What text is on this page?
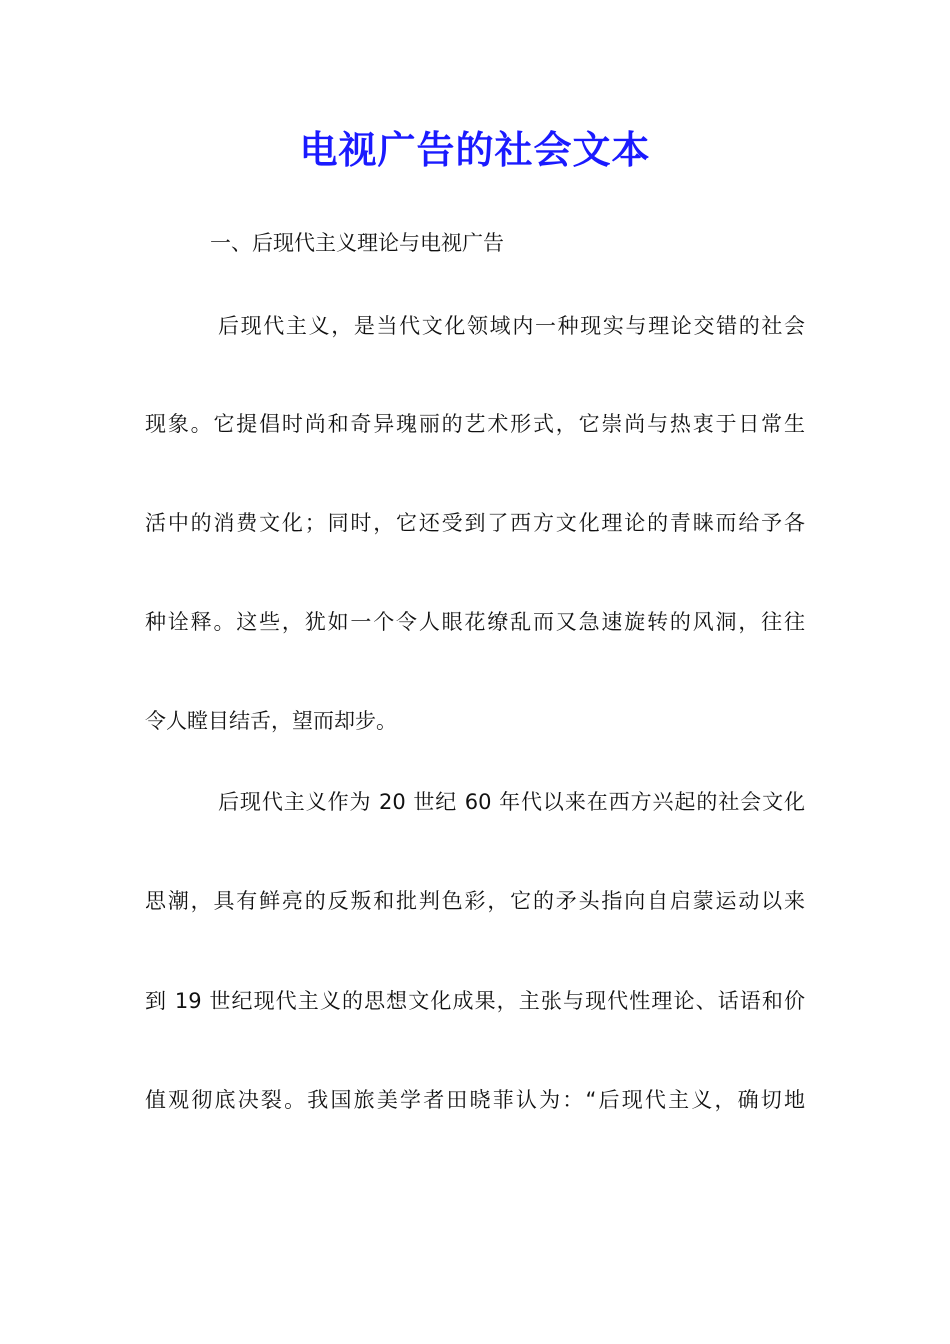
电视广告的社会文本
一、后现代主义理论与电视广告
后现代主义，是当代文化领域内一种现实与理论交错的社会
现象。它提倡时尚和奇异瑰丽的艺术形式，它崇尚与热衷于日常生
活中的消费文化；同时，它还受到了西方文化理论的青睐而给予各
种诠释。这些，犹如一个令人眼花缭乱而又急速旋转的风洞，往往
令人瞠目结舌，望而却步。
后现代主义作为 20 世纪 60 年代以来在西方兴起的社会文化
思潮，具有鲜亮的反叛和批判色彩，它的矛头指向自启蒙运动以来
到 19 世纪现代主义的思想文化成果，主张与现代性理论、话语和价
值观彻底决裂。我国旅美学者田晓菲认为：“后现代主义，确切地
